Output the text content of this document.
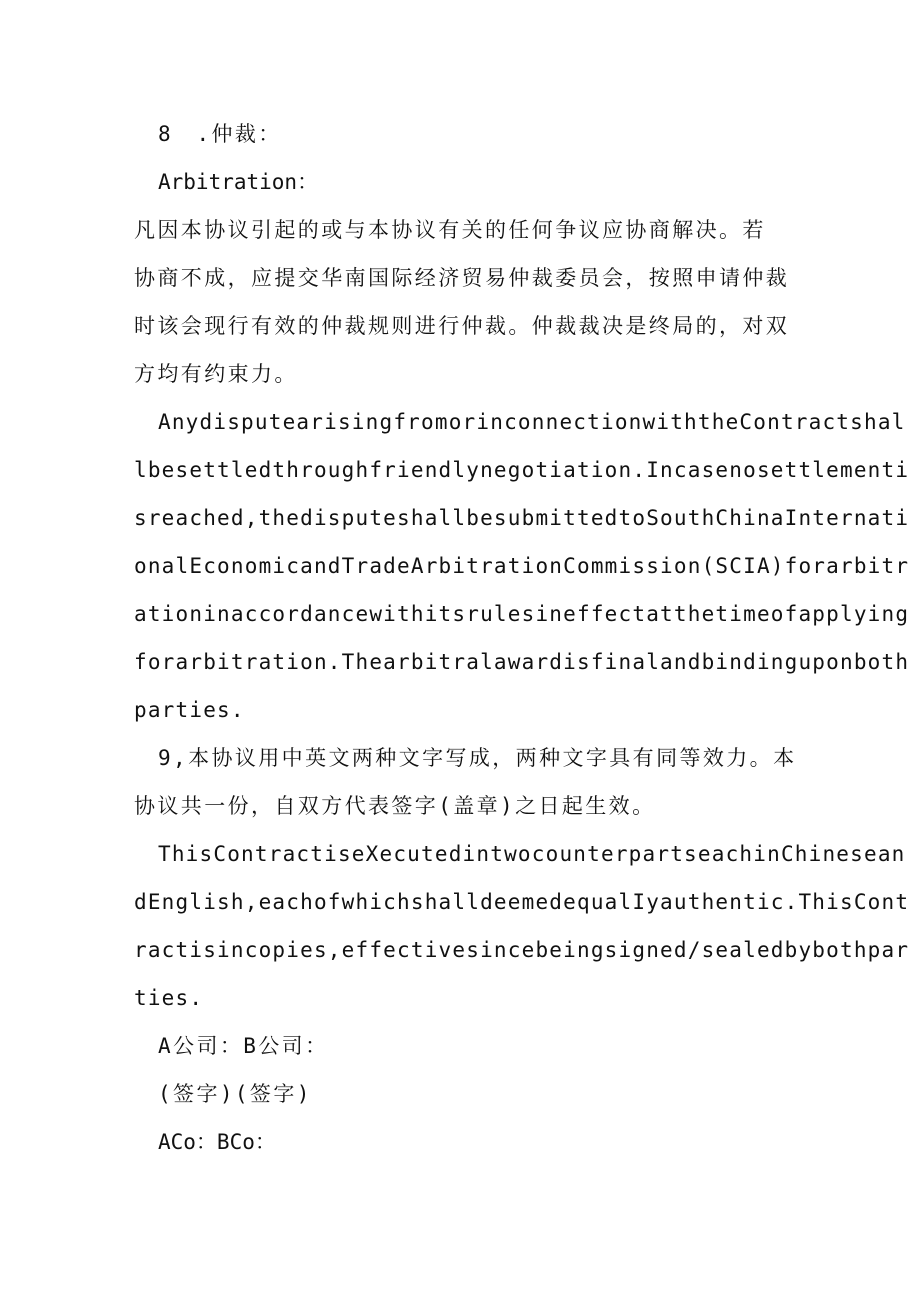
8　.仲裁：
Arbitration：
凡因本协议引起的或与本协议有关的任何争议应协商解决。若
协商不成，应提交华南国际经济贸易仲裁委员会，按照申请仲裁
时该会现行有效的仲裁规则进行仲裁。仲裁裁决是终局的，对双
方均有约束力。
AnydisputearisingfromorinconnectionwiththeContractshal
lbesettledthroughfriendlynegotiation.Incasenosettlementi
sreached,thedisputeshallbesubmittedtoSouthChinaInternati
onalEconomicandTradeArbitrationCommission(SCIA)forarbitr
ationinaccordancewithitsrulesineffectatthetimeofapplying
forarbitration.Thearbitralawardisfinalandbindinguponboth
parties.
9,本协议用中英文两种文字写成，两种文字具有同等效力。本
协议共一份，自双方代表签字(盖章)之日起生效。
ThisContractiseXecutedintwocounterpartseachinChinesean
dEnglish,eachofwhichshalldeemedequalIyauthentic.ThisCont
ractisincopies,effectivesincebeingsigned/sealedbybothpar
ties.
A公司：B公司：
(签字)(签字)
ACo：BCo：
